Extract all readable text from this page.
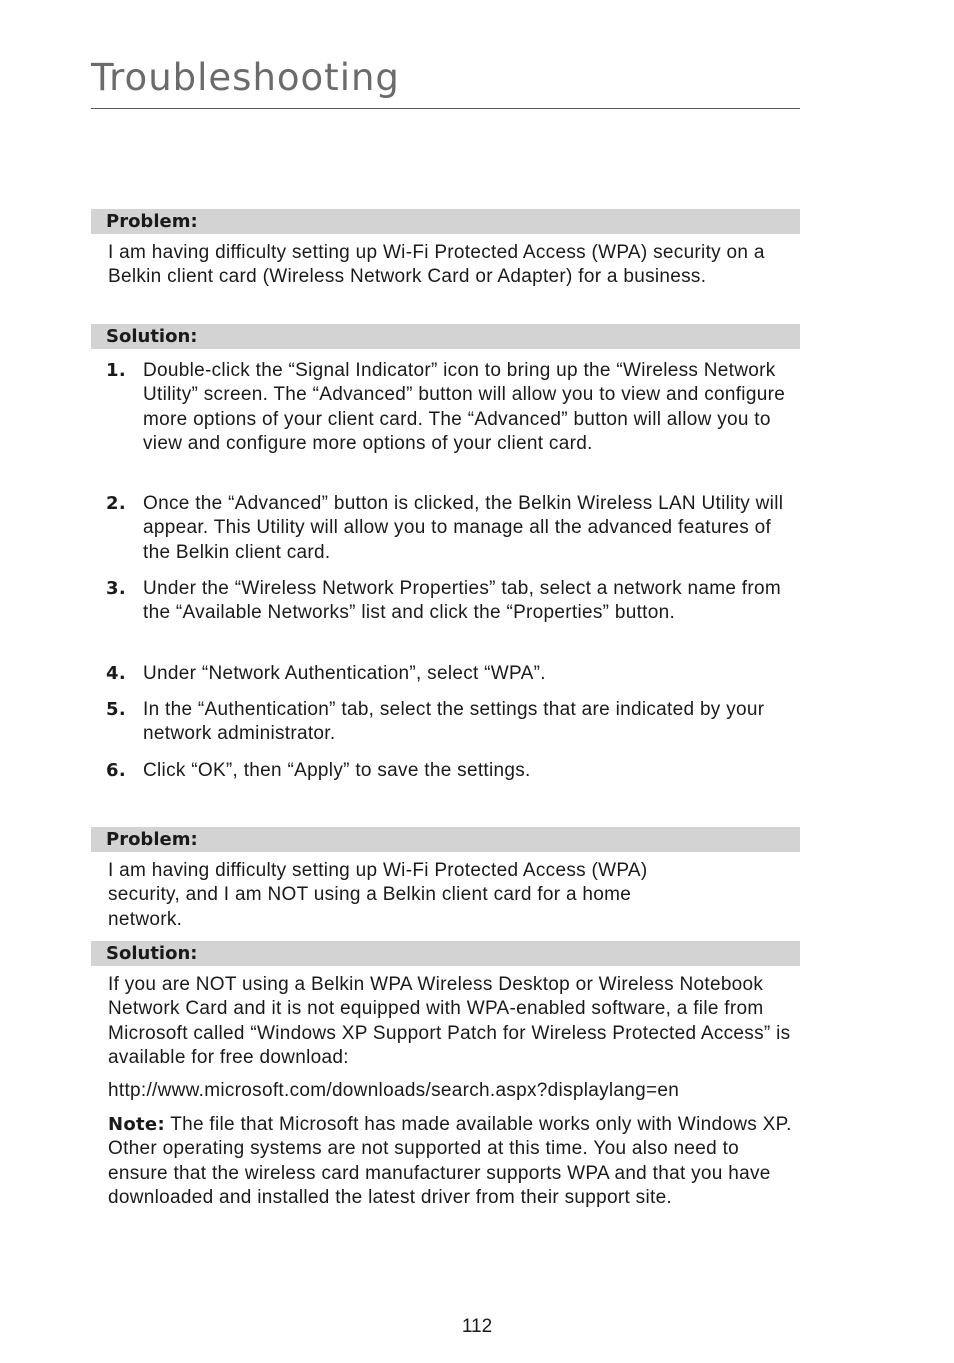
Troubleshooting
Problem:

I am having difficulty setting up Wi-Fi Protected Access (WPA) security on a Belkin client card (Wireless Network Card or Adapter) for a business.

Solution:
1. Double-click the “Signal Indicator” icon to bring up the “Wireless Network Utility” screen. The “Advanced” button will allow you to view and configure more options of your client card. The “Advanced” button will allow you to view and configure more options of your client card.

2. Once the “Advanced” button is clicked, the Belkin Wireless LAN Utility will appear. This Utility will allow you to manage all the advanced features of the Belkin client card.

3. Under the “Wireless Network Properties” tab, select a network name from the “Available Networks” list and click the “Properties” button.

4. Under “Network Authentication”, select “WPA”.

5. In the “Authentication” tab, select the settings that are indicated by your network administrator.

6. Click “OK”, then “Apply” to save the settings.

Problem:

I am having difficulty setting up Wi-Fi Protected Access (WPA) security, and I am NOT using a Belkin client card for a home network.

Solution:

If you are NOT using a Belkin WPA Wireless Desktop or Wireless Notebook Network Card and it is not equipped with WPA-enabled software, a file from Microsoft called “Windows XP Support Patch for Wireless Protected Access” is available for free download:

http://www.microsoft.com/downloads/search.aspx?displaylang=en

Note: The file that Microsoft has made available works only with Windows XP. Other operating systems are not supported at this time. You also need to ensure that the wireless card manufacturer supports WPA and that you have downloaded and installed the latest driver from their support site.

112
